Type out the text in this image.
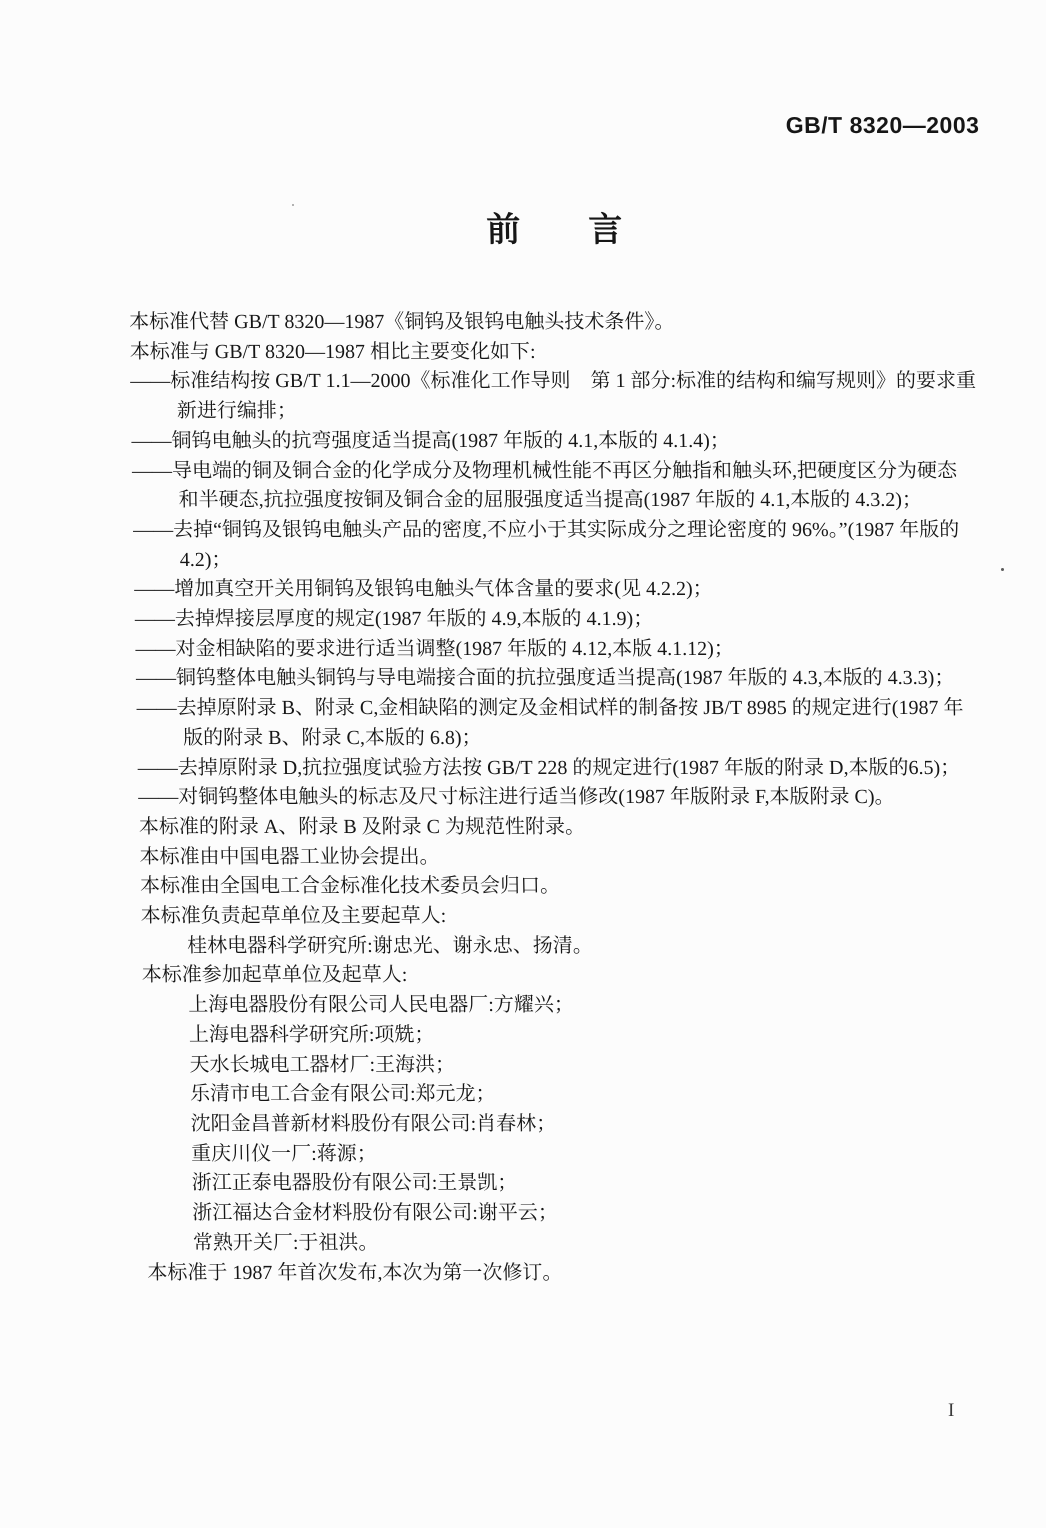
GB/T 8320—2003
前　　言
本标准代替 GB/T 8320—1987《铜钨及银钨电触头技术条件》。
本标准与 GB/T 8320—1987 相比主要变化如下:
——标准结构按 GB/T 1.1—2000《标准化工作导则　第 1 部分:标准的结构和编写规则》的要求重
新进行编排；
——铜钨电触头的抗弯强度适当提高(1987 年版的 4.1,本版的 4.1.4)；
——导电端的铜及铜合金的化学成分及物理机械性能不再区分触指和触头环,把硬度区分为硬态
和半硬态,抗拉强度按铜及铜合金的屈服强度适当提高(1987 年版的 4.1,本版的 4.3.2)；
——去掉“铜钨及银钨电触头产品的密度,不应小于其实际成分之理论密度的 96%。”(1987 年版的
4.2)；
——增加真空开关用铜钨及银钨电触头气体含量的要求(见 4.2.2)；
——去掉焊接层厚度的规定(1987 年版的 4.9,本版的 4.1.9)；
——对金相缺陷的要求进行适当调整(1987 年版的 4.12,本版 4.1.12)；
——铜钨整体电触头铜钨与导电端接合面的抗拉强度适当提高(1987 年版的 4.3,本版的 4.3.3)；
——去掉原附录 B、附录 C,金相缺陷的测定及金相试样的制备按 JB/T 8985 的规定进行(1987 年
版的附录 B、附录 C,本版的 6.8)；
——去掉原附录 D,抗拉强度试验方法按 GB/T 228 的规定进行(1987 年版的附录 D,本版的6.5)；
——对铜钨整体电触头的标志及尺寸标注进行适当修改(1987 年版附录 F,本版附录 C)。
本标准的附录 A、附录 B 及附录 C 为规范性附录。
本标准由中国电器工业协会提出。
本标准由全国电工合金标准化技术委员会归口。
本标准负责起草单位及主要起草人:
桂林电器科学研究所:谢忠光、谢永忠、扬清。
本标准参加起草单位及起草人:
上海电器股份有限公司人民电器厂:方耀兴；
上海电器科学研究所:项兟；
天水长城电工器材厂:王海洪；
乐清市电工合金有限公司:郑元龙；
沈阳金昌普新材料股份有限公司:肖春林；
重庆川仪一厂:蒋源；
浙江正泰电器股份有限公司:王景凯；
浙江福达合金材料股份有限公司:谢平云；
常熟开关厂:于祖洪。
本标准于 1987 年首次发布,本次为第一次修订。
I
